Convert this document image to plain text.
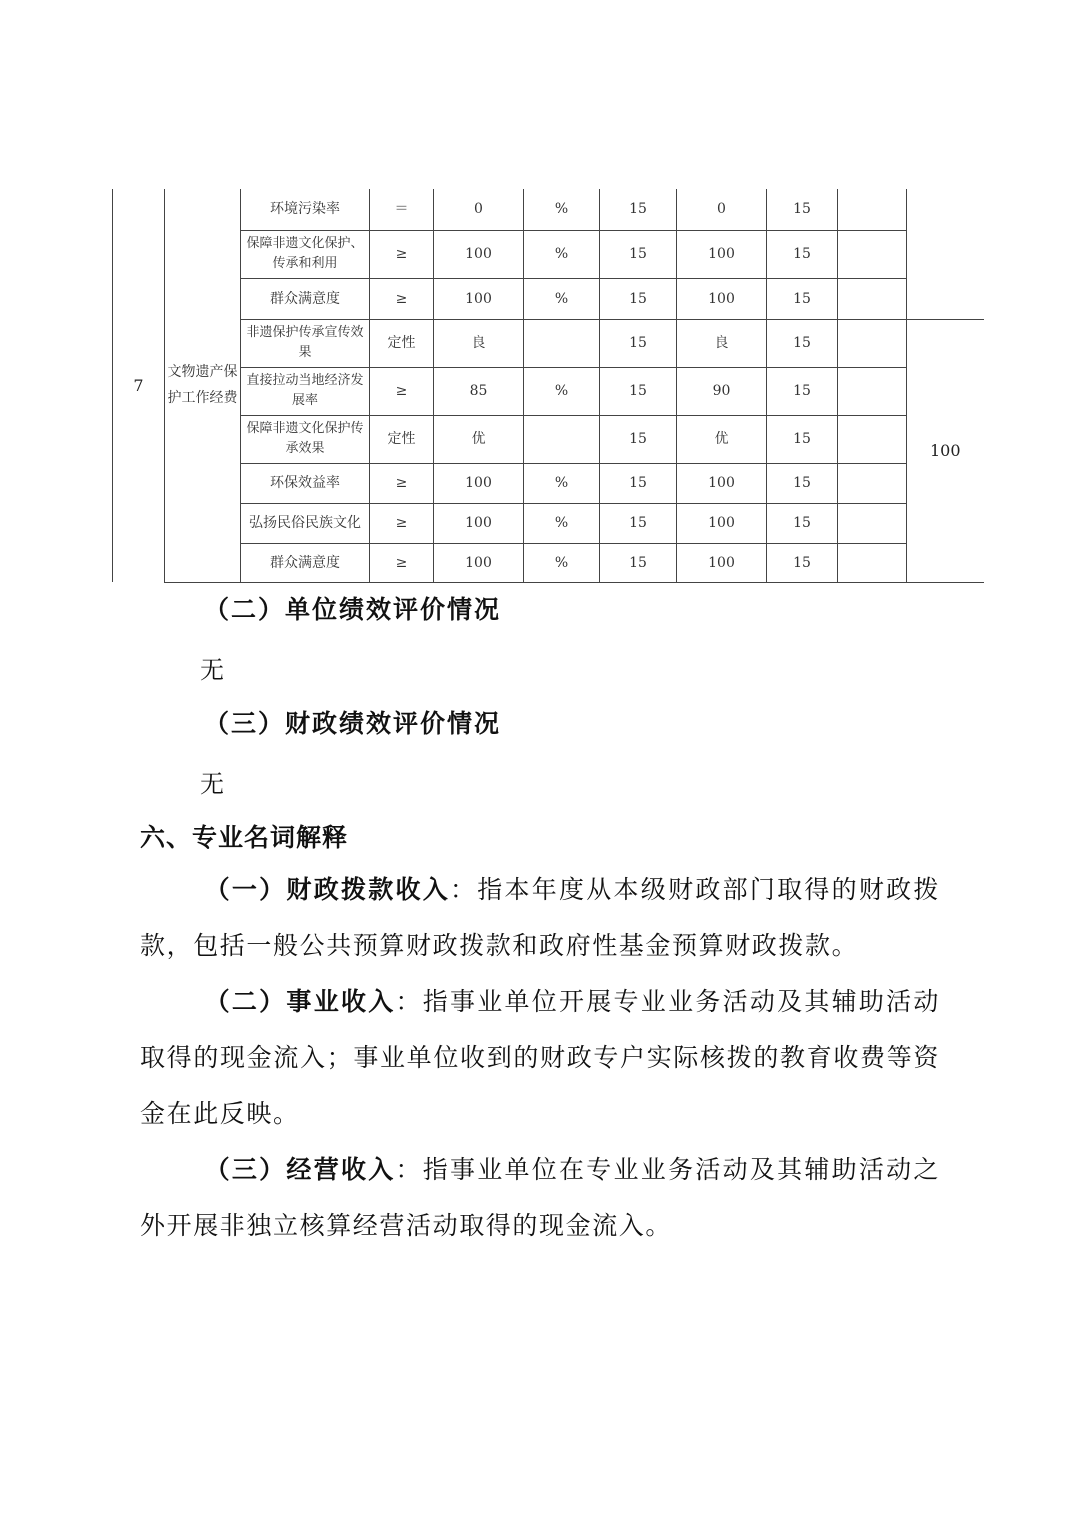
7	文物遗产保护工作经费	环境污染率	＝	0	%	15	0	15		
		保障非遗文化保护、传承和利用	≥	100	%	15	100	15		
		群众满意度	≥	100	%	15	100	15		
		非遗保护传承宣传效果	定性	良		15	良	15		100
		直接拉动当地经济发展率	≥	85	%	15	90	15		
		保障非遗文化保护传承效果	定性	优		15	优	15		
		环保效益率	≥	100	%	15	100	15		
		弘扬民俗民族文化	≥	100	%	15	100	15		
		群众满意度	≥	100	%	15	100	15		

（二）单位绩效评价情况

无

（三）财政绩效评价情况

无

六、专业名词解释

（一）财政拨款收入：指本年度从本级财政部门取得的财政拨款，包括一般公共预算财政拨款和政府性基金预算财政拨款。

（二）事业收入：指事业单位开展专业业务活动及其辅助活动取得的现金流入；事业单位收到的财政专户实际核拨的教育收费等资金在此反映。

（三）经营收入：指事业单位在专业业务活动及其辅助活动之外开展非独立核算经营活动取得的现金流入。
